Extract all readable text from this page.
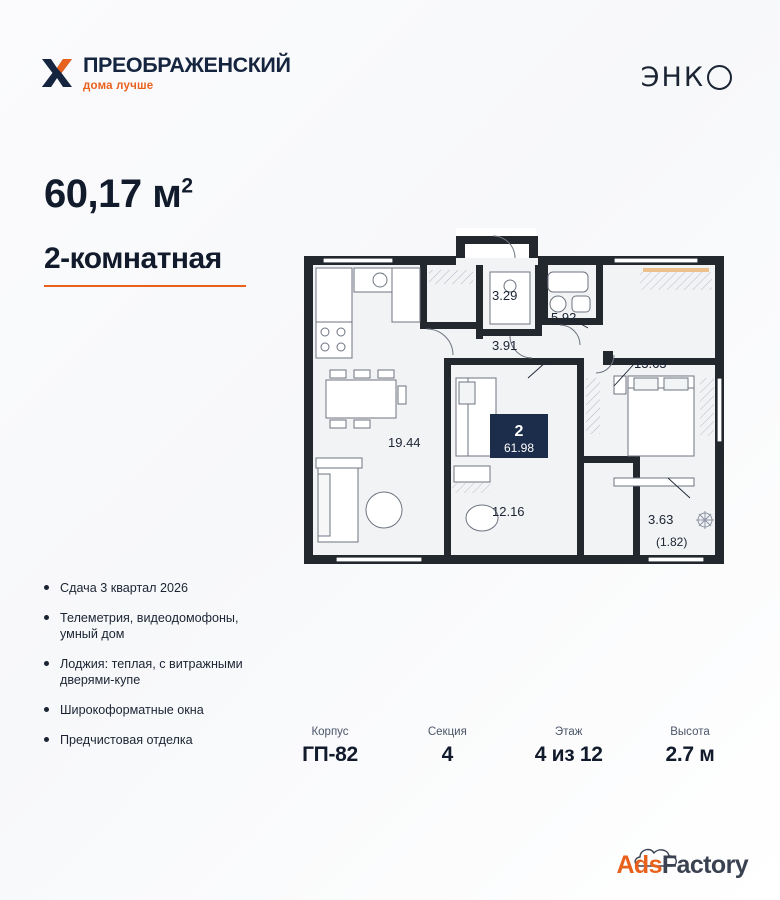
ПРЕОБРАЖЕНСКИЙ
дома лучше	Э Н К
60,17 $м^2$
2-комнатная
Сдача 3 квартал 2026
Телеметрия, видеодомофоны, умный дом
Лоджия: теплая, с витражными дверями-купе
Широкоформатные окна
Предчистовая отделка
3.29
5.92
13.63
3.91
19.44
12.16
3.63
(1.82)
2
61.98
Корпус
ГП-82
Секция
4
Этаж
4 из 12
Высота
2.7 м
Ads Factory
